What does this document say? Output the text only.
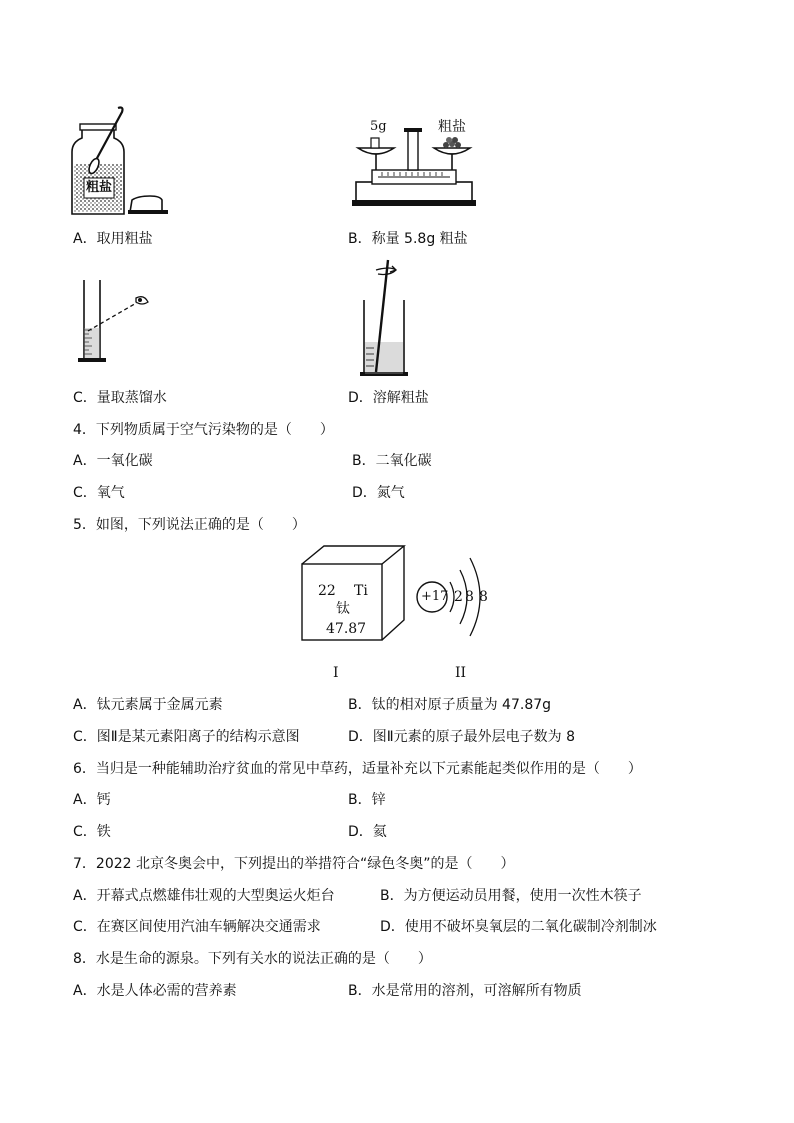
粗盐
5g	粗盐
A．取用粗盐	B．称量 5.8g 粗盐
C．量取蒸馏水	D．溶解粗盐
4．下列物质属于空气污染物的是（　　）
A．一氧化碳	B．二氧化碳
C．氧气	D．氮气
5．如图，下列说法正确的是（　　）
22 Ti
钛
47.87
+17 2 8 8
I	II
A．钛元素属于金属元素	B．钛的相对原子质量为 47.87g
C．图Ⅱ是某元素阳离子的结构示意图	D．图Ⅱ元素的原子最外层电子数为 8
6．当归是一种能辅助治疗贫血的常见中草药，适量补充以下元素能起类似作用的是（　　）
A．钙	B．锌
C．铁	D．氦
7．2022 北京冬奥会中，下列提出的举措符合“绿色冬奥”的是（　　）
A．开幕式点燃雄伟壮观的大型奥运火炬台	B．为方便运动员用餐，使用一次性木筷子
C．在赛区间使用汽油车辆解决交通需求	D．使用不破坏臭氧层的二氧化碳制冷剂制冰
8．水是生命的源泉。下列有关水的说法正确的是（　　）
A．水是人体必需的营养素	B．水是常用的溶剂，可溶解所有物质
